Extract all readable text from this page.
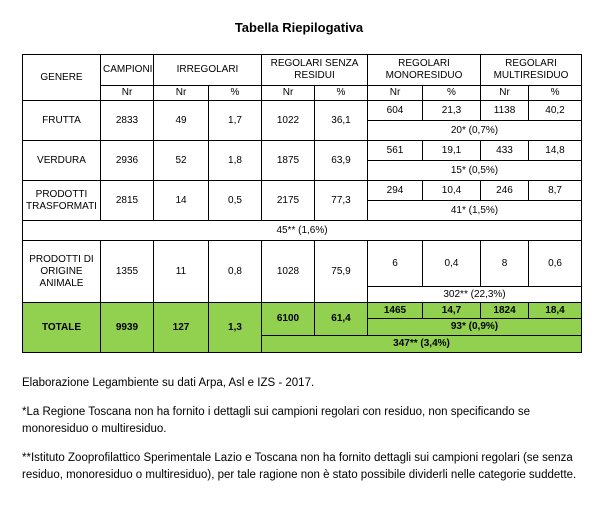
Tabella Riepilogativa
GENERE	CAMPIONI	IRREGOLARI		REGOLARI SENZA RESIDUI		REGOLARI MONORESIDUO		REGOLARI MULTIRESIDUO	
	Nr	Nr	%	Nr	%	Nr	%	Nr	%
FRUTTA	2833	49	1,7	1022	36,1	604	21,3	1138	40,2
						20* (0,7%)			
VERDURA	2936	52	1,8	1875	63,9	561	19,1	433	14,8
						15* (0,5%)			
PRODOTTI TRASFORMATI	2815	14	0,5	2175	77,3	294	10,4	246	8,7
						41* (1,5%)			
45** (1,6%)									
PRODOTTI DI ORIGINE ANIMALE	1355	11	0,8	1028	75,9	6	0,4	8	0,6
						302** (22,3%)			
TOTALE	9939	127	1,3	6100	61,4	1465	14,7	1824	18,4
						93* (0,9%)			
				347** (3,4%)					

Elaborazione Legambiente su dati Arpa, Asl e IZS - 2017.

*La Regione Toscana non ha fornito i dettagli sui campioni regolari con residuo, non specificando se monoresiduo o multiresiduo.

**Istituto Zooprofilattico Sperimentale Lazio e Toscana non ha fornito dettagli sui campioni regolari (se senza residuo, monoresiduo o multiresiduo), per tale ragione non è stato possibile dividerli nelle categorie suddette.
